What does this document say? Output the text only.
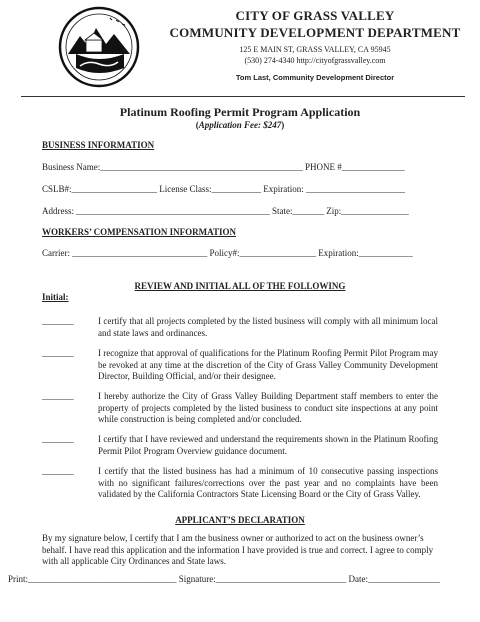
CITY OF GRASS VALLEY
COMMUNITY DEVELOPMENT DEPARTMENT
125 E MAIN ST, GRASS VALLEY, CA 95945
(530) 274-4340 http://cityofgrassvalley.com
Tom Last, Community Development Director
Platinum Roofing Permit Program Application
(Application Fee: $247)
BUSINESS INFORMATION
Business Name:_____________________________________________ PHONE #______________
CSLB#:___________________ License Class:___________ Expiration: ______________________
Address: ___________________________________________ State:_______ Zip:_______________
WORKERS’ COMPENSATION INFORMATION
Carrier: ______________________________ Policy#:_________________ Expiration:____________
REVIEW AND INITIAL ALL OF THE FOLLOWING
Initial:
_______	I certify that all projects completed by the listed business will comply with all minimum local and state laws and ordinances.
_______	I recognize that approval of qualifications for the Platinum Roofing Permit Pilot Program may be revoked at any time at the discretion of the City of Grass Valley Community Development Director, Building Official, and/or their designee.
_______	I hereby authorize the City of Grass Valley Building Department staff members to enter the property of projects completed by the listed business to conduct site inspections at any point while construction is being completed and/or concluded.
_______	I certify that I have reviewed and understand the requirements shown in the Platinum Roofing Permit Pilot Program Overview guidance document.
_______	I certify that the listed business has had a minimum of 10 consecutive passing inspections with no significant failures/corrections over the past year and no complaints have been validated by the California Contractors State Licensing Board or the City of Grass Valley.
APPLICANT’S DECLARATION
By my signature below, I certify that I am the business owner or authorized to act on the business owner’s behalf. I have read this application and the information I have provided is true and correct. I agree to comply with all applicable City Ordinances and State laws.
Print:_________________________________ Signature:_____________________________ Date:________________
